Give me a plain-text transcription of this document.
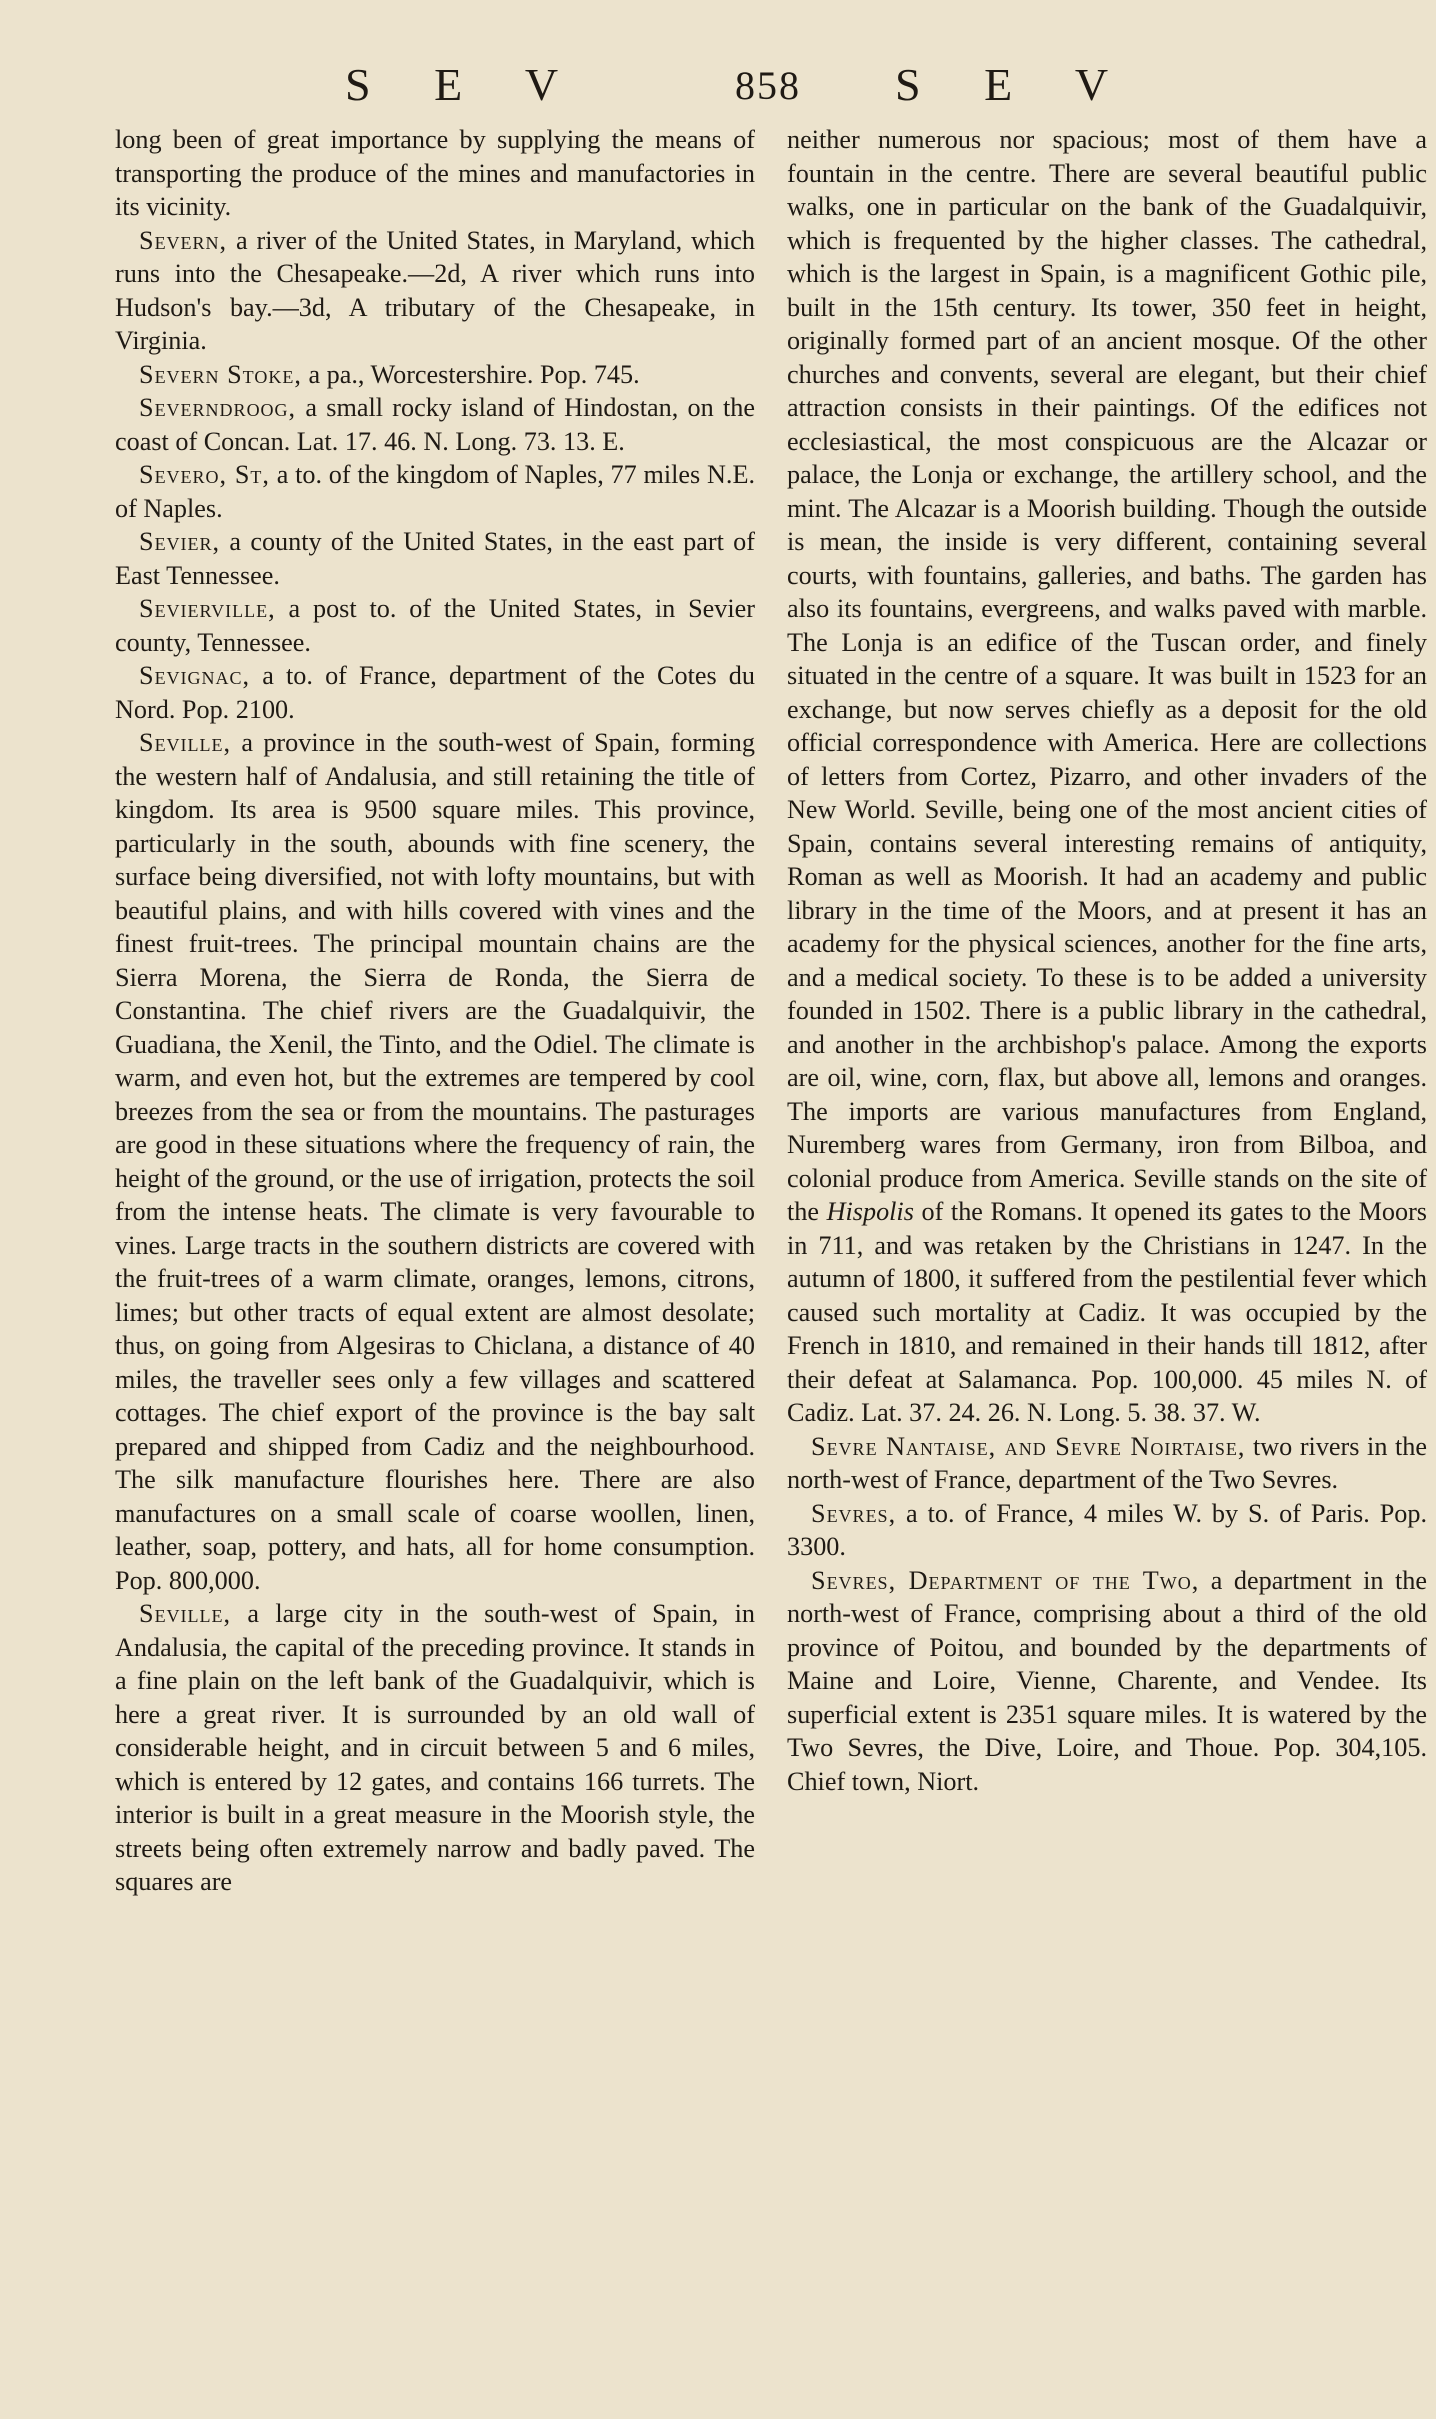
S E V	858 S E V

long been of great importance by supplying the means of transporting the produce of the mines and manufactories in its vicinity.

Severn, a river of the United States, in Maryland, which runs into the Chesapeake.—2d, A river which runs into Hudson's bay.—3d, A tributary of the Chesapeake, in Virginia.

Severn Stoke, a pa., Worcestershire. Pop. 745.

Severndroog, a small rocky island of Hindostan, on the coast of Concan. Lat. 17. 46. N. Long. 73. 13. E.

Severo, St, a to. of the kingdom of Naples, 77 miles N.E. of Naples.

Sevier, a county of the United States, in the east part of East Tennessee.

Sevierville, a post to. of the United States, in Sevier county, Tennessee.

Sevignac, a to. of France, department of the Cotes du Nord. Pop. 2100.

Seville, a province in the south-west of Spain, forming the western half of Andalusia, and still retaining the title of kingdom. Its area is 9500 square miles. This province, particularly in the south, abounds with fine scenery, the surface being diversified, not with lofty mountains, but with beautiful plains, and with hills covered with vines and the finest fruit-trees. The principal mountain chains are the Sierra Morena, the Sierra de Ronda, the Sierra de Constantina. The chief rivers are the Guadalquivir, the Guadiana, the Xenil, the Tinto, and the Odiel. The climate is warm, and even hot, but the extremes are tempered by cool breezes from the sea or from the mountains. The pasturages are good in these situations where the frequency of rain, the height of the ground, or the use of irrigation, protects the soil from the intense heats. The climate is very favourable to vines. Large tracts in the southern districts are covered with the fruit-trees of a warm climate, oranges, lemons, citrons, limes; but other tracts of equal extent are almost desolate; thus, on going from Algesiras to Chiclana, a distance of 40 miles, the traveller sees only a few villages and scattered cottages. The chief export of the province is the bay salt prepared and shipped from Cadiz and the neighbourhood. The silk manufacture flourishes here. There are also manufactures on a small scale of coarse woollen, linen, leather, soap, pottery, and hats, all for home consumption. Pop. 800,000.

Seville, a large city in the south-west of Spain, in Andalusia, the capital of the preceding province. It stands in a fine plain on the left bank of the Guadalquivir, which is here a great river. It is surrounded by an old wall of considerable height, and in circuit between 5 and 6 miles, which is entered by 12 gates, and contains 166 turrets. The interior is built in a great measure in the Moorish style, the streets being often extremely narrow and badly paved. The squares are

neither numerous nor spacious; most of them have a fountain in the centre. There are several beautiful public walks, one in particular on the bank of the Guadalquivir, which is frequented by the higher classes. The cathedral, which is the largest in Spain, is a magnificent Gothic pile, built in the 15th century. Its tower, 350 feet in height, originally formed part of an ancient mosque. Of the other churches and convents, several are elegant, but their chief attraction consists in their paintings. Of the edifices not ecclesiastical, the most conspicuous are the Alcazar or palace, the Lonja or exchange, the artillery school, and the mint. The Alcazar is a Moorish building. Though the outside is mean, the inside is very different, containing several courts, with fountains, galleries, and baths. The garden has also its fountains, evergreens, and walks paved with marble. The Lonja is an edifice of the Tuscan order, and finely situated in the centre of a square. It was built in 1523 for an exchange, but now serves chiefly as a deposit for the old official correspondence with America. Here are collections of letters from Cortez, Pizarro, and other invaders of the New World. Seville, being one of the most ancient cities of Spain, contains several interesting remains of antiquity, Roman as well as Moorish. It had an academy and public library in the time of the Moors, and at present it has an academy for the physical sciences, another for the fine arts, and a medical society. To these is to be added a university founded in 1502. There is a public library in the cathedral, and another in the archbishop's palace. Among the exports are oil, wine, corn, flax, but above all, lemons and oranges. The imports are various manufactures from England, Nuremberg wares from Germany, iron from Bilboa, and colonial produce from America. Seville stands on the site of the Hispolis of the Romans. It opened its gates to the Moors in 711, and was retaken by the Christians in 1247. In the autumn of 1800, it suffered from the pestilential fever which caused such mortality at Cadiz. It was occupied by the French in 1810, and remained in their hands till 1812, after their defeat at Salamanca. Pop. 100,000. 45 miles N. of Cadiz. Lat. 37. 24. 26. N. Long. 5. 38. 37. W.

Sevre Nantaise, and Sevre Noirtaise, two rivers in the north-west of France, department of the Two Sevres.

Sevres, a to. of France, 4 miles W. by S. of Paris. Pop. 3300.

Sevres, Department of the Two, a department in the north-west of France, comprising about a third of the old province of Poitou, and bounded by the departments of Maine and Loire, Vienne, Charente, and Vendee. Its superficial extent is 2351 square miles. It is watered by the Two Sevres, the Dive, Loire, and Thoue. Pop. 304,105. Chief town, Niort.
